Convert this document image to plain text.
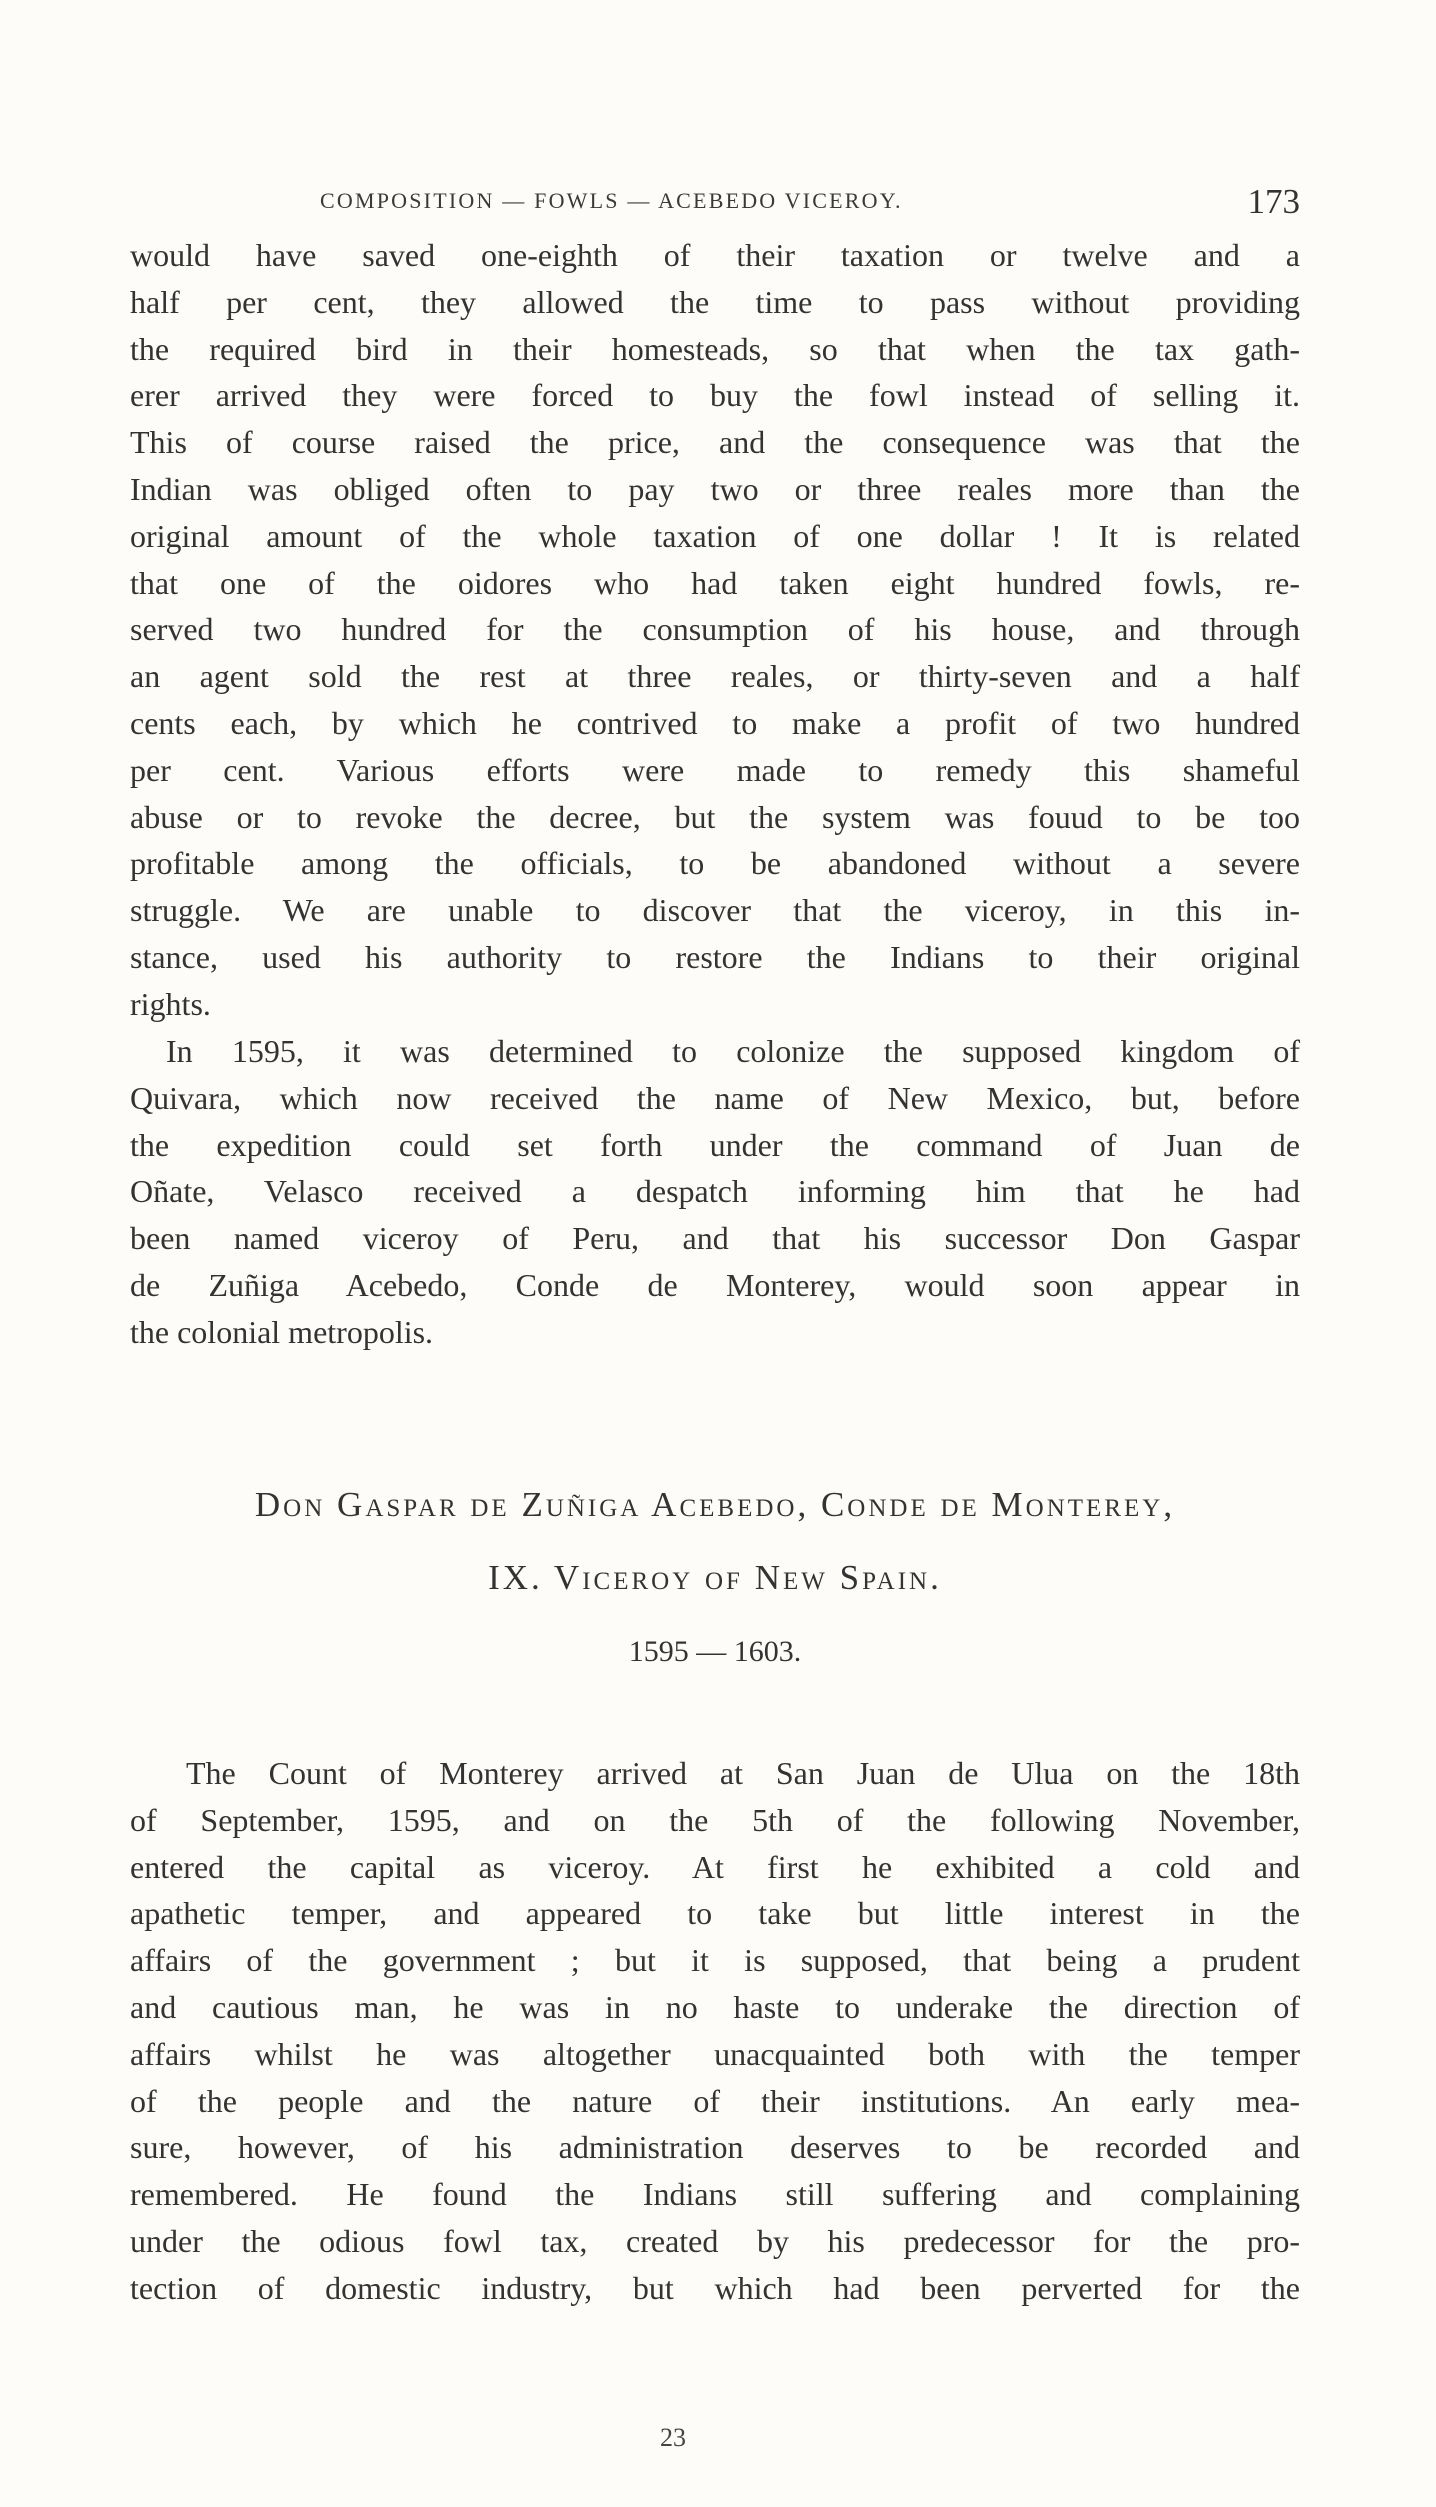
COMPOSITION — FOWLS — ACEBEDO VICEROY.	173
would have saved one-eighth of their taxation or twelve and a
half per cent, they allowed the time to pass without providing
the required bird in their homesteads, so that when the tax gath-
erer arrived they were forced to buy the fowl instead of selling it.
This of course raised the price, and the consequence was that the
Indian was obliged often to pay two or three reales more than the
original amount of the whole taxation of one dollar ! It is related
that one of the oidores who had taken eight hundred fowls, re-
served two hundred for the consumption of his house, and through
an agent sold the rest at three reales, or thirty-seven and a half
cents each, by which he contrived to make a profit of two hundred
per cent. Various efforts were made to remedy this shameful
abuse or to revoke the decree, but the system was fouud to be too
profitable among the officials, to be abandoned without a severe
struggle. We are unable to discover that the viceroy, in this in-
stance, used his authority to restore the Indians to their original
rights.
In 1595, it was determined to colonize the supposed kingdom of
Quivara, which now received the name of New Mexico, but, before
the expedition could set forth under the command of Juan de
Oñate, Velasco received a despatch informing him that he had
been named viceroy of Peru, and that his successor Don Gaspar
de Zuñiga Acebedo, Conde de Monterey, would soon appear in
the colonial metropolis.
Don Gaspar de Zuñiga Acebedo, Conde de Monterey,
IX. Viceroy of New Spain.
1595 — 1603.
The Count of Monterey arrived at San Juan de Ulua on the 18th
of September, 1595, and on the 5th of the following November,
entered the capital as viceroy. At first he exhibited a cold and
apathetic temper, and appeared to take but little interest in the
affairs of the government ; but it is supposed, that being a prudent
and cautious man, he was in no haste to underake the direction of
affairs whilst he was altogether unacquainted both with the temper
of the people and the nature of their institutions. An early mea-
sure, however, of his administration deserves to be recorded and
remembered. He found the Indians still suffering and complaining
under the odious fowl tax, created by his predecessor for the pro-
tection of domestic industry, but which had been perverted for the
23
